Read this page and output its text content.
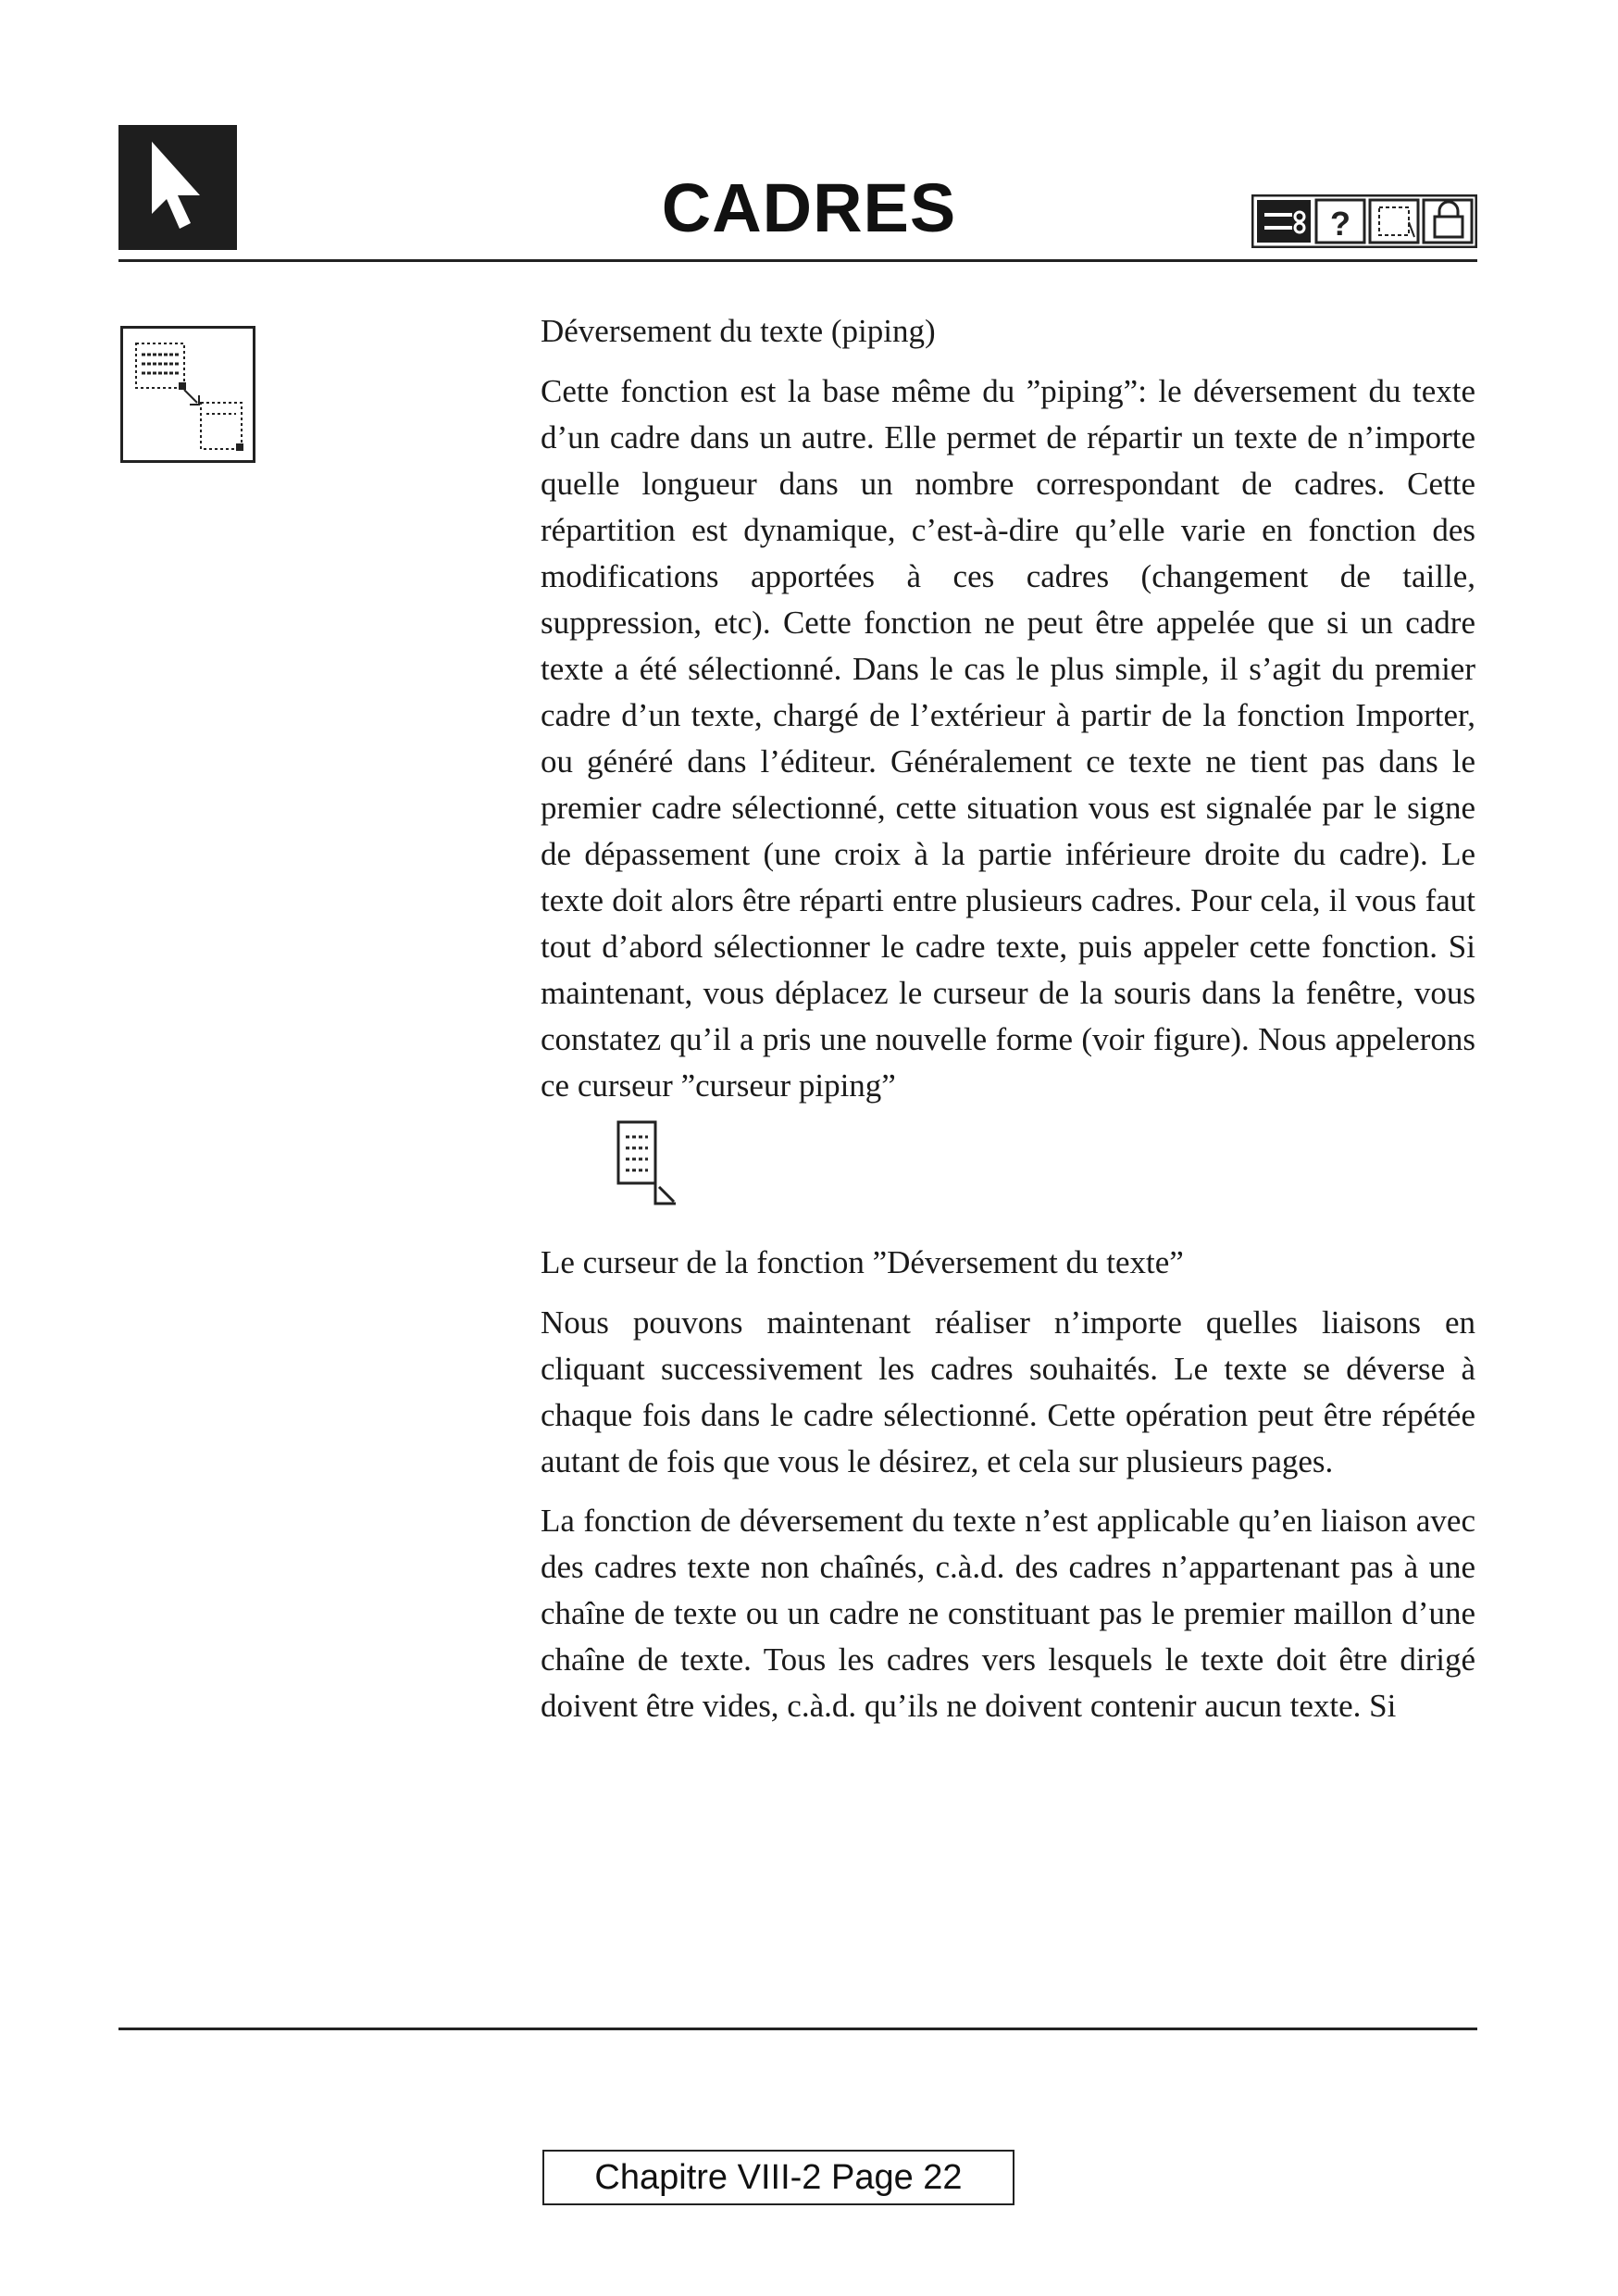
CADRES	?

Déversement du texte (piping)

Cette fonction est la base même du ”piping”: le déversement du texte d’un cadre dans un autre. Elle permet de répartir un texte de n’importe quelle longueur dans un nombre correspondant de cadres. Cette répartition est dynamique, c’est-à-dire qu’elle varie en fonction des modifications apportées à ces cadres (changement de taille, suppression, etc). Cette fonction ne peut être appelée que si un cadre texte a été sélectionné. Dans le cas le plus simple, il s’agit du premier cadre d’un texte, chargé de l’extérieur à partir de la fonction Importer, ou généré dans l’éditeur. Généralement ce texte ne tient pas dans le premier cadre sélectionné, cette situation vous est signalée par le signe de dépassement (une croix à la partie inférieure droite du cadre). Le texte doit alors être réparti entre plusieurs cadres. Pour cela, il vous faut tout d’abord sélectionner le cadre texte, puis appeler cette fonction. Si maintenant, vous déplacez le curseur de la souris dans la fenêtre, vous constatez qu’il a pris une nouvelle forme (voir figure). Nous appelerons ce curseur ”curseur piping”

Le curseur de la fonction ”Déversement du texte”

Nous pouvons maintenant réaliser n’importe quelles liaisons en cliquant successivement les cadres souhaités. Le texte se déverse à chaque fois dans le cadre sélectionné. Cette opération peut être répétée autant de fois que vous le désirez, et cela sur plusieurs pages.

La fonction de déversement du texte n’est applicable qu’en liaison avec des cadres texte non chaînés, c.à.d. des cadres n’appartenant pas à une chaîne de texte ou un cadre ne constituant pas le premier maillon d’une chaîne de texte. Tous les cadres vers lesquels le texte doit être dirigé doivent être vides, c.à.d. qu’ils ne doivent contenir aucun texte. Si

Chapitre VIII-2 Page 22
